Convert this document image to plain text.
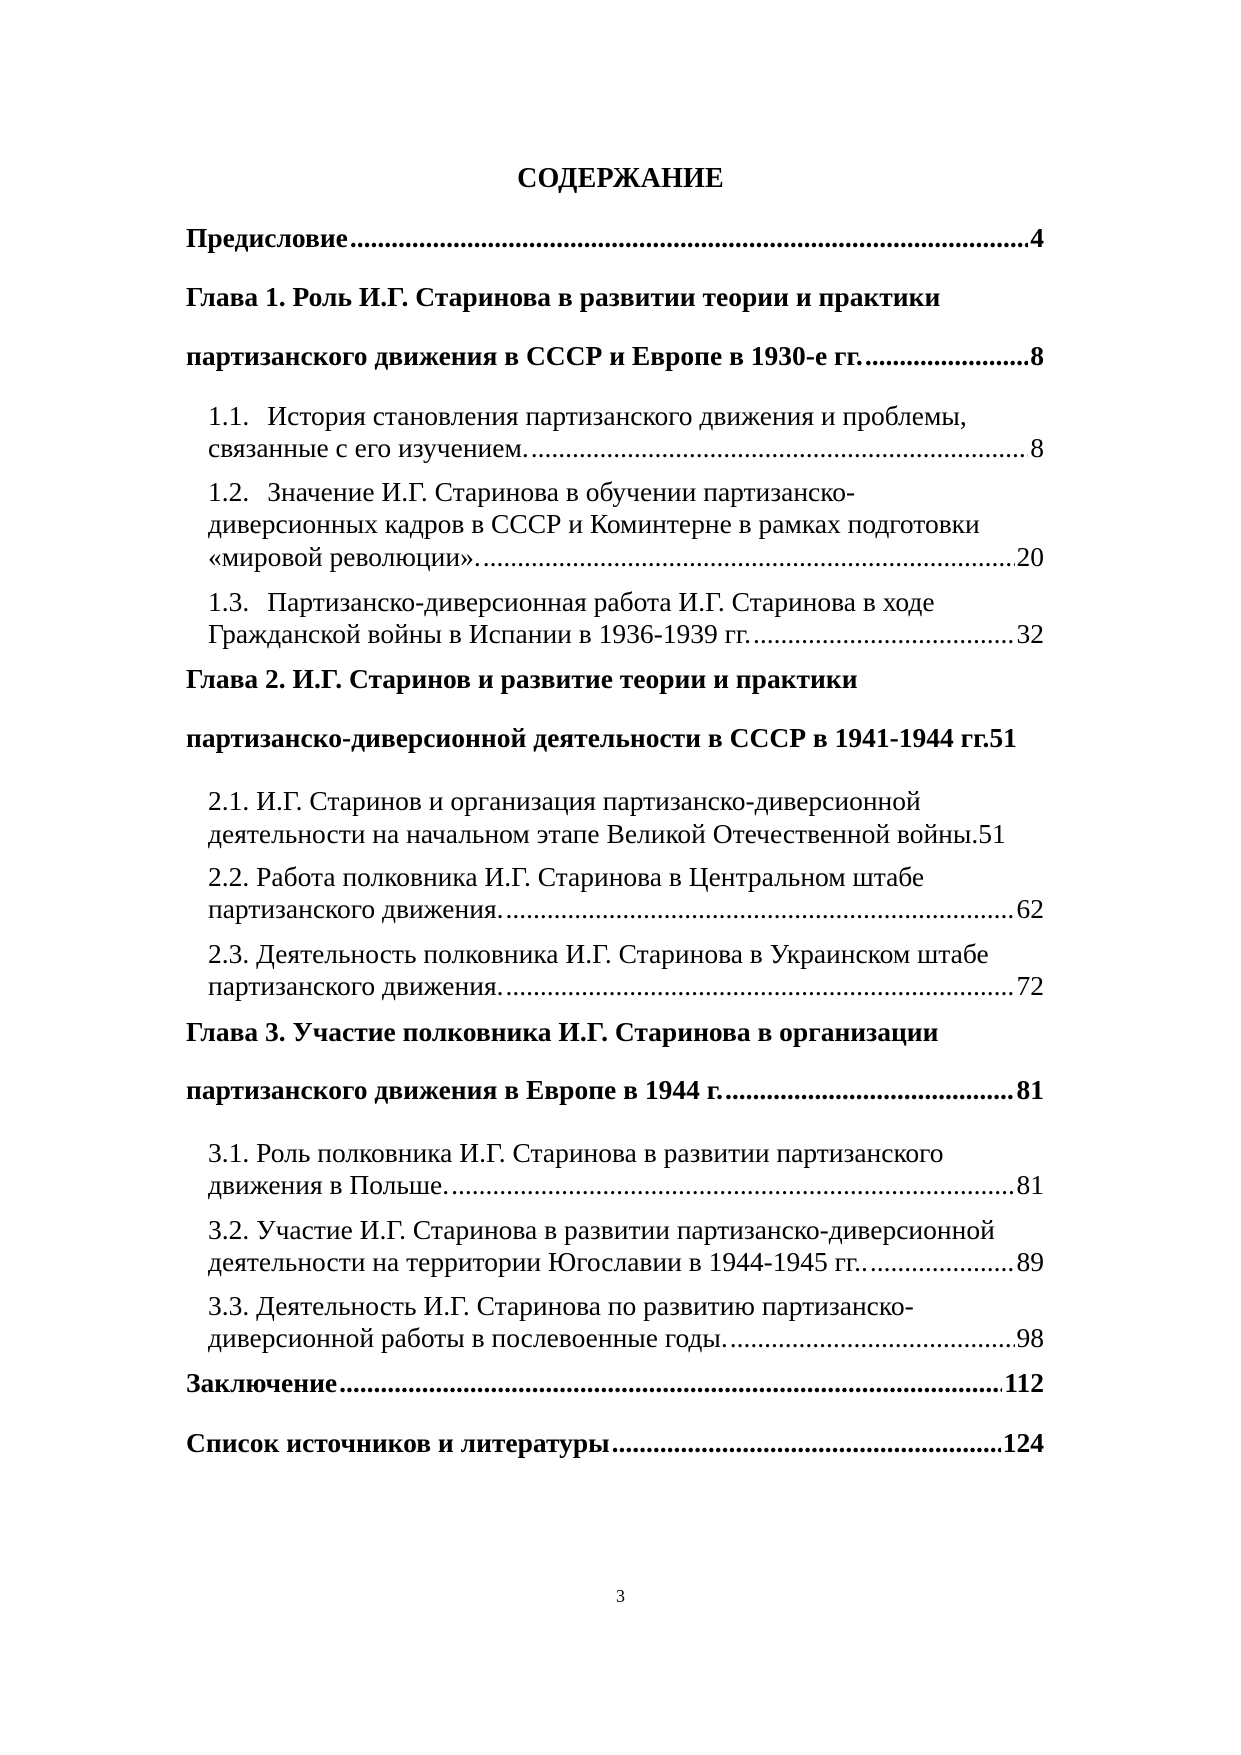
СОДЕРЖАНИЕ
Предисловие .....	4
Глава 1. Роль И.Г. Старинова в развитии теории и практики
партизанского движения в СССР и Европе в 1930-е гг. .....	8
1.1. История становления партизанского движения и проблемы,
связанные с его изучением. .....	8
1.2. Значение И.Г. Старинова в обучении партизанско-
диверсионных кадров в СССР и Коминтерне в рамках подготовки
«мировой революции». .....	20
1.3. Партизанско-диверсионная работа И.Г. Старинова в ходе
Гражданской войны в Испании в 1936-1939 гг. .....	32
Глава 2. И.Г. Старинов и развитие теории и практики
партизанско-диверсионной деятельности в СССР в 1941-1944 гг.51
2.1. И.Г. Старинов и организация партизанско-диверсионной
деятельности на начальном этапе Великой Отечественной войны.51
2.2. Работа полковника И.Г. Старинова в Центральном штабе
партизанского движения. .....	62
2.3. Деятельность полковника И.Г. Старинова в Украинском штабе
партизанского движения. .....	72
Глава 3. Участие полковника И.Г. Старинова в организации
партизанского движения в Европе в 1944 г. .....	81
3.1. Роль полковника И.Г. Старинова в развитии партизанского
движения в Польше. .....	81
3.2. Участие И.Г. Старинова в развитии партизанско-диверсионной
деятельности на территории Югославии в 1944-1945 гг.. .....	89
3.3. Деятельность И.Г. Старинова по развитию партизанско-
диверсионной работы в послевоенные годы. .....	98
Заключение .....	112
Список источников и литературы .....	124
3
